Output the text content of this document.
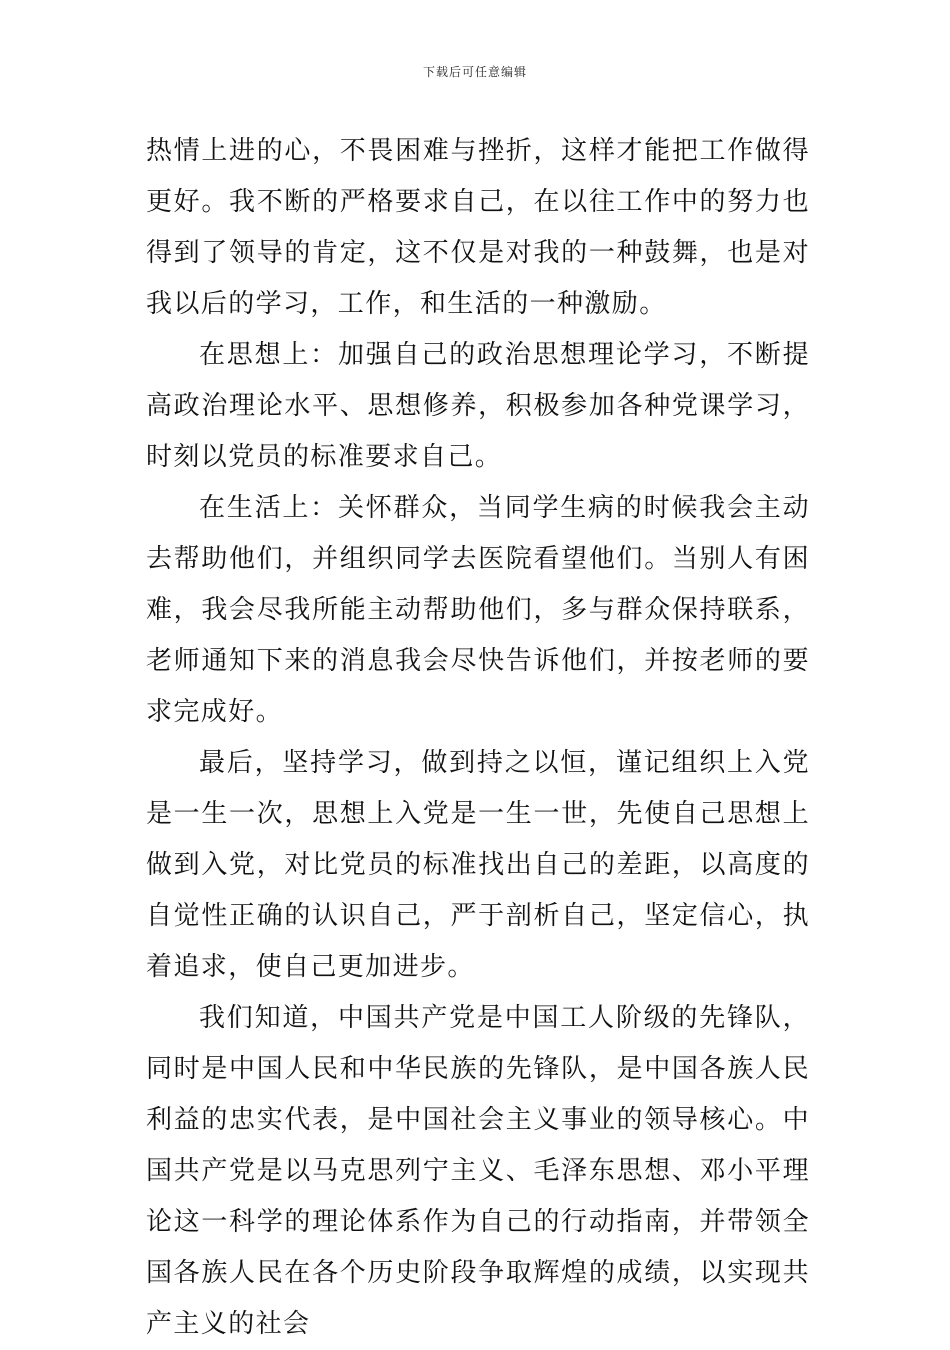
下载后可任意编辑

热情上进的心，不畏困难与挫折，这样才能把工作做得更好。我不断的严格要求自己，在以往工作中的努力也得到了领导的肯定，这不仅是对我的一种鼓舞，也是对我以后的学习，工作，和生活的一种激励。

在思想上：加强自己的政治思想理论学习，不断提高政治理论水平、思想修养，积极参加各种党课学习，时刻以党员的标准要求自己。

在生活上：关怀群众，当同学生病的时候我会主动去帮助他们，并组织同学去医院看望他们。当别人有困难，我会尽我所能主动帮助他们，多与群众保持联系，老师通知下来的消息我会尽快告诉他们，并按老师的要求完成好。

最后，坚持学习，做到持之以恒，谨记组织上入党是一生一次，思想上入党是一生一世，先使自己思想上做到入党，对比党员的标准找出自己的差距，以高度的自觉性正确的认识自己，严于剖析自己，坚定信心，执着追求，使自己更加进步。

我们知道，中国共产党是中国工人阶级的先锋队，同时是中国人民和中华民族的先锋队，是中国各族人民利益的忠实代表，是中国社会主义事业的领导核心。中国共产党是以马克思列宁主义、毛泽东思想、邓小平理论这一科学的理论体系作为自己的行动指南，并带领全国各族人民在各个历史阶段争取辉煌的成绩，以实现共产主义的社会
